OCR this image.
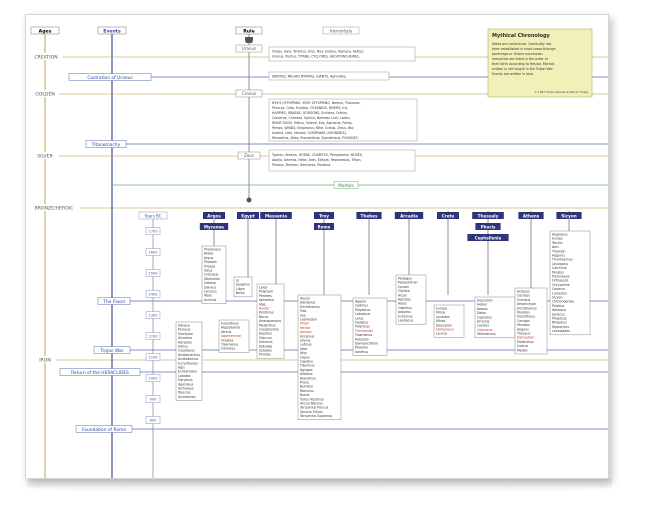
Ages	Events	Rule	Immortals
CREATION
GOLDEN
SILVER
BRONZE/HEROIC
IRON
Castration of Uranus
Titanomachy
The Flood
Trojan War
Return of the HERACLIDES
Foundation of Rome
Uranus
Cronus
Zeus
Chaos, Gaia, Tartarus, Eros, Nyx, Erebus, Hemera, Aether,
Uranus, Pontus, TITANS, CYCLOPES, HECATONCHEIRES.
ERINYES, MELIAD NYMPHS, GIANTS, Aphrodite.
NYX'S OFFSPRING, ERIS' OFFSPRING, Nereus, Thaumas,
Phorcys, Ceto, Eurybia, OCEANIDS, RIVERS, Iris,
HARPIES, GRAEAE, GORGONS, Echidna, Orthus,
Cerberus, Chimera, Sphinx, Nemean Lion, Ladon,
RIVER GODS, Helius, Selene, Eos, Astraeus, Pallas,
Perses, WINDS, Eosphorus, Nike, Cratos, Zelus, Bia,
Asteria, Leto, Hecate, OLYMPIANS (CRONIDES),
Menoetius, Atlas, Prometheus, Epimetheus, PLEIADES.
Typhon, Athena, HORAE, CHARITES, Persephone, MUSES,
Apollo, Artemis, Hebe, Ares, Eithyia, Hephaestus, Triton,
Phobus, Deimos, Harmonia, Pandora.
Mortals
Mythical Chronology
Dates are conjectural. Continuity has
been established in most cases through
parentage or throne succession.
Immortals are listed in the order of
their birth according to Hesiod. Mortals
written in red fought in the Trojan War.
Events are written in blue.
© 1997 Carlos Parada & Maicar Förlag
Years BC
1700
1600
1500
1400
1300
1200
1100
1000
900
800
Argos
Mycenae
Egypt Messenia	Troy
Rome
Thebes	Arcadia	Crete	Thessaly
Phocis
Cephallenia
Athens	Sicyon
Phoroneus
Niobe
Argus
Phorbas
Triopas
Iasus
Crotopus
Sthenelas
Gelanor
Danaus
Lynceus
Abas
Acrisius
Io
Epaphus
Libya
Belus
Lelex
Polycaon
Perieres
Aphareus
Idas
Nestor
Penthilus
Borus
Andropompus
Melanthus
Cresphontes
Aepytus
Glaucus
Isthmius
Dotadas
Sybotas
Phintas
Teucer
Dardanus
Erichthonius
Tros
Ilus
Laomedon
Priam
Hector
Aeneas
Ascanius
Silvius
Latinus
Alba
Atys
Capys
Capetus
Tiberinus
Agrippa
Allodius
Aventinus
Proca
Numitor
Romulus
Numa
Tullus Hostilius
Ancus Marcius
Tarquinius Priscus
Servius Tullius
Tarquinius Superbus
Agenor
Cadmus
Polydorus
Labdacus
Laius
Oedipus
Polynices
Thersander
Tisamenus
Autesion
Damasichthon
Ptolemy
Xanthus
Pelasgus
Palaechthon
Lycaon
Callisto
Arcas
Aphidas
Aleus
Cepheus
Aepytus
Echemus
Laodocus
Europa
Minos
Lycastus
Minos
Deucalion
Idomeneus
Leucus
Deucalion
Hellen
Aeolus
Deion
Cephalus
Arcisius
Laertes
Odysseus
Telemachus
Actaeus
Cecrops
Cranaus
Amphictyon
Erichthonius
Pandion
Erechtheus
Cecrops
Pandion
Aegeus
Theseus
Demophon
Melanthus
Codrus
Medon
Aegialeus
Europs
Telchis
Apis
Thelxion
Aegyrus
Thurimachus
Leucippus
Calchinia
Peratus
Plemnaeus
Orthopolis
Chrysorthe
Coronus
Lamedon
Sicyon
Chthonophyle
Polybus
Adrastus
Janiscus
Phaestus
Rhopalus
Hippolytus
Lacestades
Danaus
Perseus
Electryon
Alcmena
Heracles
Hyllus
Cleodaeus
Aristomachus
Aristodemus
Eurysthenes
Agis
Echestratus
Labotas
Doryssus
Agesilaus
Archelaus
Teleclus
Alcamenes
Eurystheus
Hippodamia
Atreus
Agamemnon
Orestes
Tisamenus
Cometes
